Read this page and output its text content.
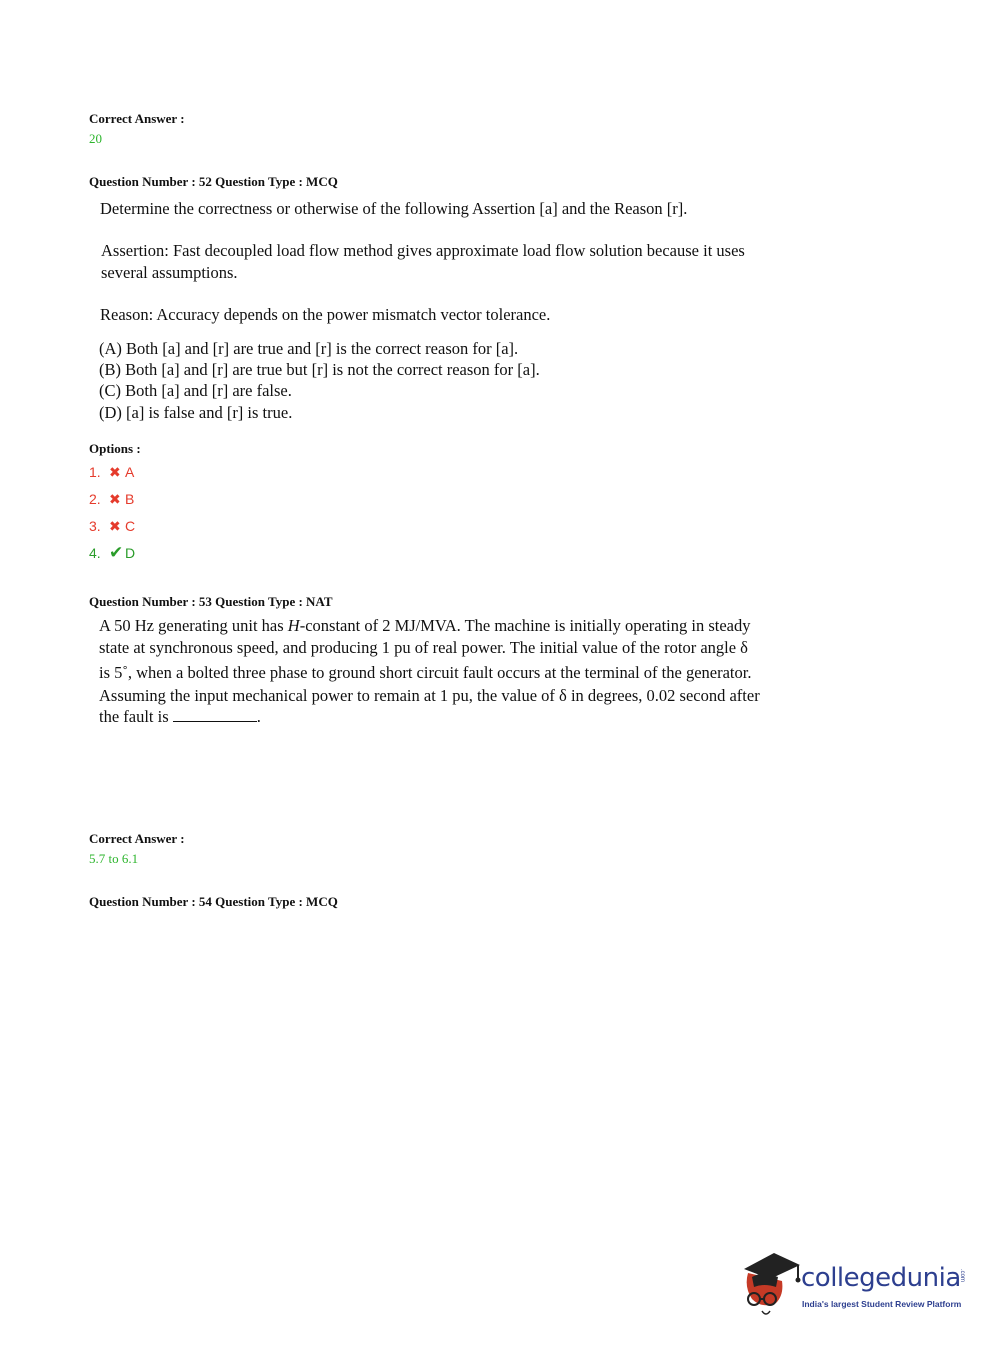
Correct Answer :
20
Question Number : 52 Question Type : MCQ
Determine the correctness or otherwise of the following Assertion [a] and the Reason [r].
Assertion: Fast decoupled load flow method gives approximate load flow solution because it uses
several assumptions.
Reason: Accuracy depends on the power mismatch vector tolerance.
(A) Both [a] and [r] are true and [r] is the correct reason for [a].
(B) Both [a] and [r] are true but [r] is not the correct reason for [a].
(C) Both [a] and [r] are false.
(D) [a] is false and [r] is true.
Options :
1. ✖ A
2. ✖ B
3. ✖ C
4. ✔ D
Question Number : 53 Question Type : NAT
A 50 Hz generating unit has H-constant of 2 MJ/MVA. The machine is initially operating in steady
state at synchronous speed, and producing 1 pu of real power. The initial value of the rotor angle δ
is 5˚, when a bolted three phase to ground short circuit fault occurs at the terminal of the generator.
Assuming the input mechanical power to remain at 1 pu, the value of δ in degrees, 0.02 second after
the fault is	.
Correct Answer :
5.7 to 6.1
Question Number : 54 Question Type : MCQ
collegedunia
.com
India's largest Student Review Platform
